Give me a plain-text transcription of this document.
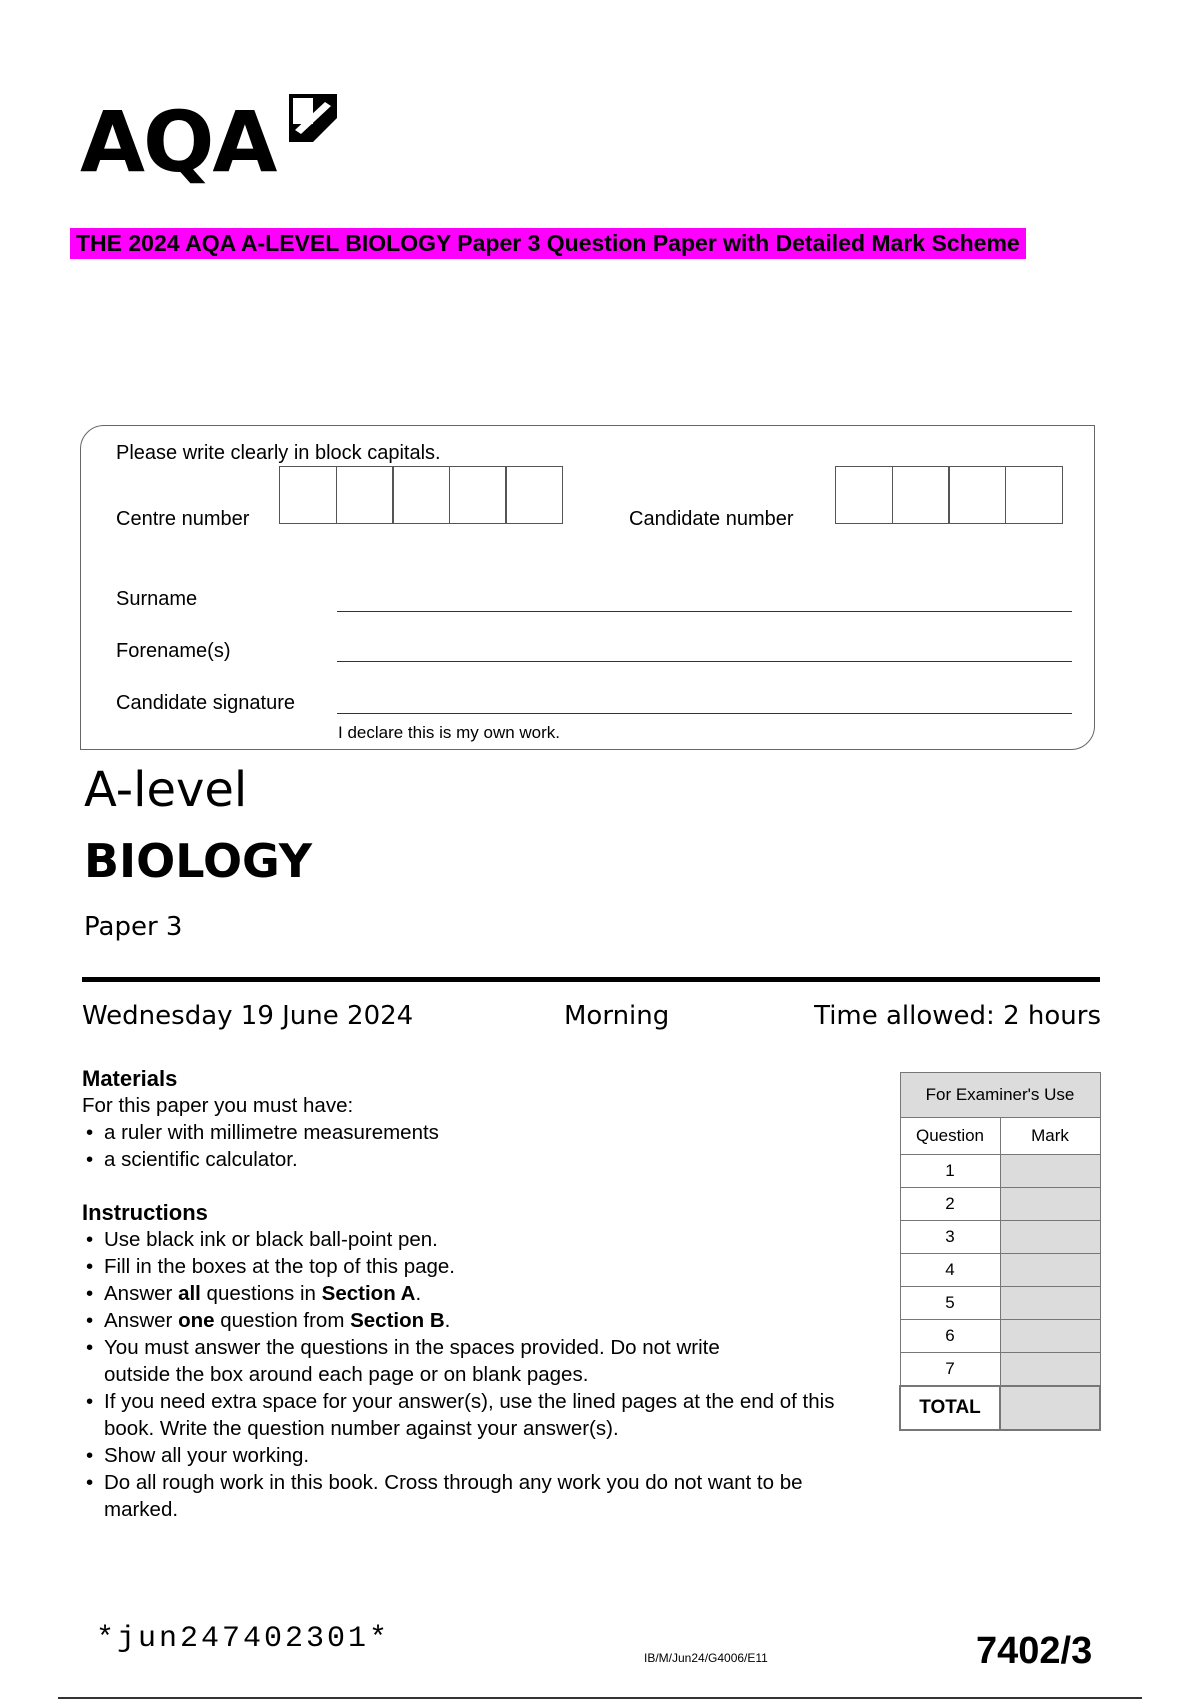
AQA
THE 2024 AQA A-LEVEL BIOLOGY Paper 3 Question Paper with Detailed Mark Scheme
Please write clearly in block capitals.
Centre number	Candidate number
Surname
Forename(s)
Candidate signature
I declare this is my own work.
A-level
BIOLOGY
Paper 3
Wednesday 19 June 2024	Morning	Time allowed: 2 hours
Materials
For this paper you must have:
• a ruler with millimetre measurements
• a scientific calculator.
Instructions
• Use black ink or black ball-point pen.
• Fill in the boxes at the top of this page.
• Answer all questions in Section A.
• Answer one question from Section B.
• You must answer the questions in the spaces provided. Do not write outside the box around each page or on blank pages.
• If you need extra space for your answer(s), use the lined pages at the end of this book. Write the question number against your answer(s).
• Show all your working.
• Do all rough work in this book. Cross through any work you do not want to be marked.
For Examiner's Use	
Question	Mark
1	
2	
3	
4	
5	
6	
7	
TOTAL	
*jun247402301*
IB/M/Jun24/G4006/E11	7402/3
